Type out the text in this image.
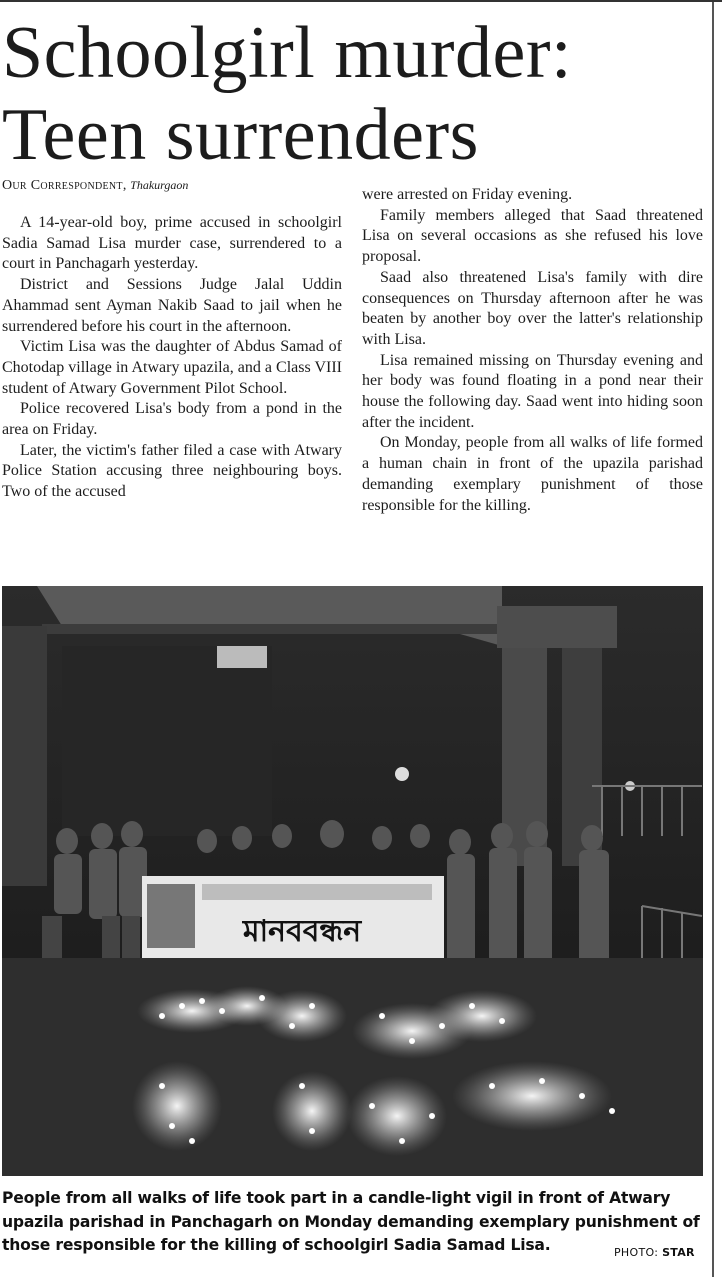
Schoolgirl murder: Teen surrenders
Our Correspondent, Thakurgaon

A 14-year-old boy, prime accused in schoolgirl Sadia Samad Lisa murder case, surrendered to a court in Panchagarh yesterday.

District and Sessions Judge Jalal Uddin Ahammad sent Ayman Nakib Saad to jail when he surrendered before his court in the afternoon.

Victim Lisa was the daughter of Abdus Samad of Chotodap village in Atwary upazila, and a Class VIII student of Atwary Government Pilot School.

Police recovered Lisa's body from a pond in the area on Friday.

Later, the victim's father filed a case with Atwary Police Station accusing three neighbouring boys. Two of the accused

were arrested on Friday evening.

Family members alleged that Saad threatened Lisa on several occasions as she refused his love proposal.

Saad also threatened Lisa's family with dire consequences on Thursday afternoon after he was beaten by another boy over the latter's relationship with Lisa.

Lisa remained missing on Thursday evening and her body was found floating in a pond near their house the following day. Saad went into hiding soon after the incident.

On Monday, people from all walks of life formed a human chain in front of the upazila parishad demanding exemplary punishment of those responsible for the killing.

মানববন্ধন

People from all walks of life took part in a candle-light vigil in front of Atwary upazila parishad in Panchagarh on Monday demanding exemplary punishment of those responsible for the killing of schoolgirl Sadia Samad Lisa.	PHOTO: STAR
